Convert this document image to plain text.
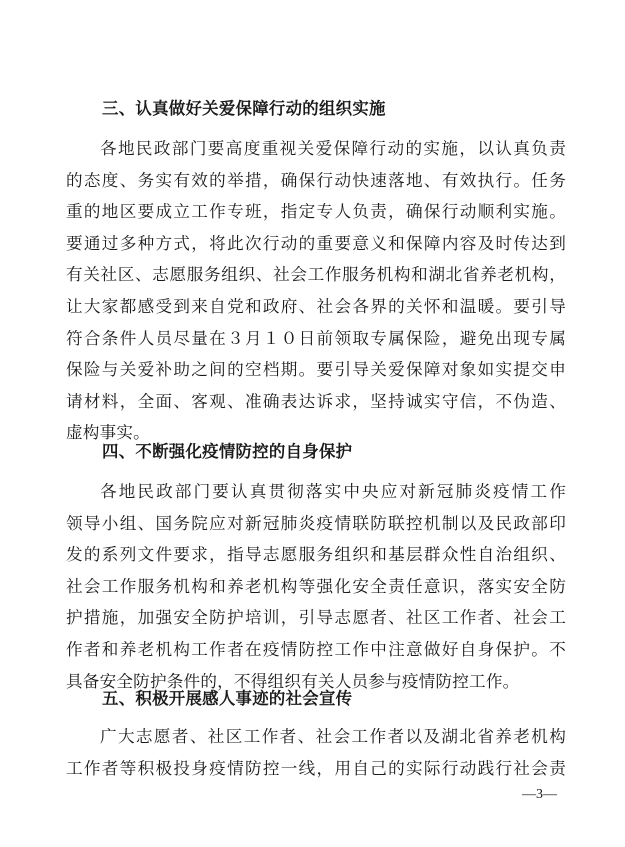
三、认真做好关爱保障行动的组织实施
各地民政部门要高度重视关爱保障行动的实施，以认真负责
的态度、务实有效的举措，确保行动快速落地、有效执行。任务
重的地区要成立工作专班，指定专人负责，确保行动顺利实施。
要通过多种方式，将此次行动的重要意义和保障内容及时传达到
有关社区、志愿服务组织、社会工作服务机构和湖北省养老机构，
让大家都感受到来自党和政府、社会各界的关怀和温暖。要引导
符合条件人员尽量在３月１０日前领取专属保险，避免出现专属
保险与关爱补助之间的空档期。要引导关爱保障对象如实提交申
请材料，全面、客观、准确表达诉求，坚持诚实守信，不伪造、
虚构事实。
四、不断强化疫情防控的自身保护
各地民政部门要认真贯彻落实中央应对新冠肺炎疫情工作
领导小组、国务院应对新冠肺炎疫情联防联控机制以及民政部印
发的系列文件要求，指导志愿服务组织和基层群众性自治组织、
社会工作服务机构和养老机构等强化安全责任意识，落实安全防
护措施，加强安全防护培训，引导志愿者、社区工作者、社会工
作者和养老机构工作者在疫情防控工作中注意做好自身保护。不
具备安全防护条件的，不得组织有关人员参与疫情防控工作。
五、积极开展感人事迹的社会宣传
广大志愿者、社区工作者、社会工作者以及湖北省养老机构
工作者等积极投身疫情防控一线，用自己的实际行动践行社会责
—3—
